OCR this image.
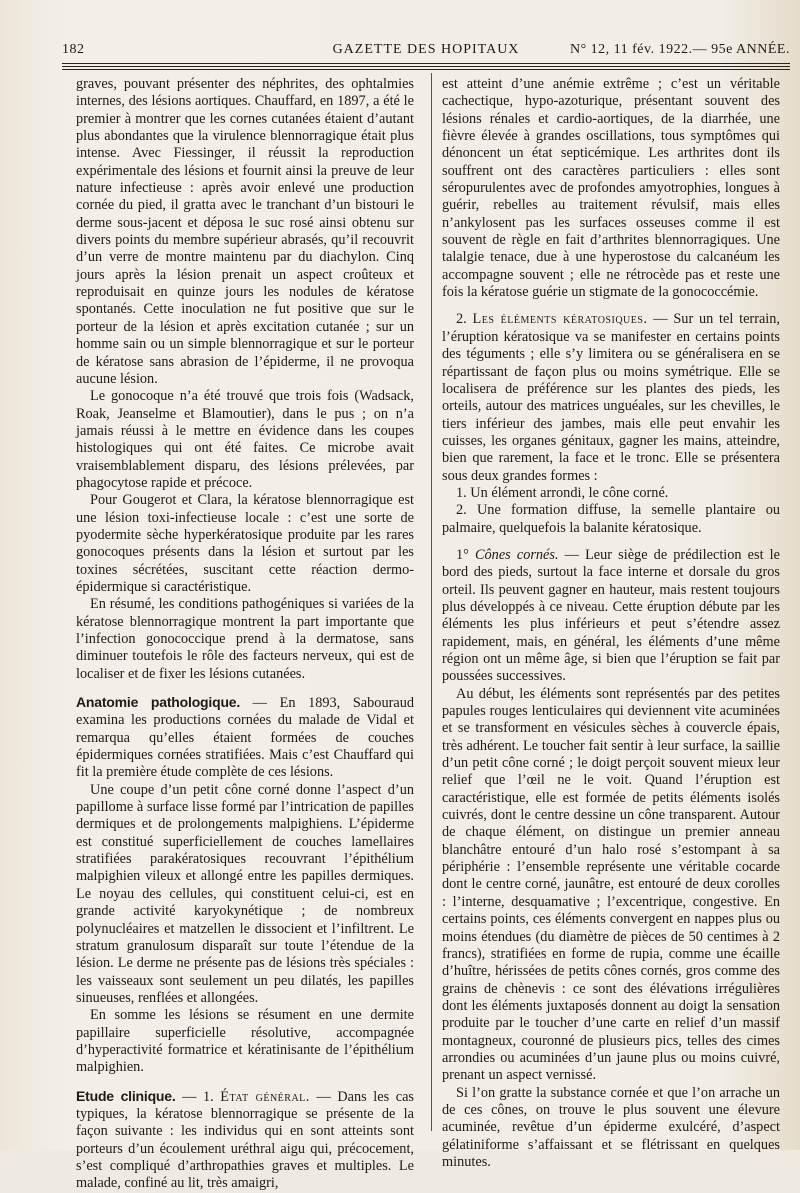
182	GAZETTE DES HOPITAUX	N° 12, 11 fév. 1922.— 95e ANNÉE.

graves, pouvant présenter des néphrites, des ophtalmies internes, des lésions aortiques. Chauffard, en 1897, a été le premier à montrer que les cornes cutanées étaient d’autant plus abondantes que la virulence blennorragique était plus intense. Avec Fiessinger, il réussit la reproduction expérimentale des lésions et fournit ainsi la preuve de leur nature infectieuse : après avoir enlevé une production cornée du pied, il gratta avec le tranchant d’un bistouri le derme sous-jacent et déposa le suc rosé ainsi obtenu sur divers points du membre supérieur abrasés, qu’il recouvrit d’un verre de montre maintenu par du diachylon. Cinq jours après la lésion prenait un aspect croûteux et reproduisait en quinze jours les nodules de kératose spontanés. Cette inoculation ne fut positive que sur le porteur de la lésion et après excitation cutanée ; sur un homme sain ou un simple blennorragique et sur le porteur de kératose sans abrasion de l’épiderme, il ne provoqua aucune lésion.

Le gonocoque n’a été trouvé que trois fois (Wadsack, Roak, Jeanselme et Blamoutier), dans le pus ; on n’a jamais réussi à le mettre en évidence dans les coupes histologiques qui ont été faites. Ce microbe avait vraisemblablement disparu, des lésions prélevées, par phagocytose rapide et précoce.

Pour Gougerot et Clara, la kératose blennorragique est une lésion toxi-infectieuse locale : c’est une sorte de pyodermite sèche hyperkératosique produite par les rares gonocoques présents dans la lésion et surtout par les toxines sécrétées, suscitant cette réaction dermo-épidermique si caractéristique.

En résumé, les conditions pathogéniques si variées de la kératose blennorragique montrent la part importante que l’infection gonococcique prend à la dermatose, sans diminuer toutefois le rôle des facteurs nerveux, qui est de localiser et de fixer les lésions cutanées.

Anatomie pathologique. — En 1893, Sabouraud examina les productions cornées du malade de Vidal et remarqua qu’elles étaient formées de couches épidermiques cornées stratifiées. Mais c’est Chauffard qui fit la première étude complète de ces lésions.

Une coupe d’un petit cône corné donne l’aspect d’un papillome à surface lisse formé par l’intrication de papilles dermiques et de prolongements malpighiens. L’épiderme est constitué superficiellement de couches lamellaires stratifiées parakératosiques recouvrant l’épithélium malpighien vileux et allongé entre les papilles dermiques. Le noyau des cellules, qui constituent celui-ci, est en grande activité karyokynétique ; de nombreux polynucléaires et matzellen le dissocient et l’infiltrent. Le stratum granulosum disparaît sur toute l’étendue de la lésion. Le derme ne présente pas de lésions très spéciales : les vaisseaux sont seulement un peu dilatés, les papilles sinueuses, renflées et allongées.

En somme les lésions se résument en une dermite papillaire superficielle résolutive, accompagnée d’hyperactivité formatrice et kératinisante de l’épithélium malpighien.

Etude clinique. — 1. État général. — Dans les cas typiques, la kératose blennorragique se présente de la façon suivante : les individus qui en sont atteints sont porteurs d’un écoulement uréthral aigu qui, précocement, s’est compliqué d’arthropathies graves et multiples. Le malade, confiné au lit, très amaigri,

est atteint d’une anémie extrême ; c’est un véritable cachectique, hypo-azoturique, présentant souvent des lésions rénales et cardio-aortiques, de la diarrhée, une fièvre élevée à grandes oscillations, tous symptômes qui dénoncent un état septicémique. Les arthrites dont ils souffrent ont des caractères particuliers : elles sont séropurulentes avec de profondes amyotrophies, longues à guérir, rebelles au traitement révulsif, mais elles n’ankylosent pas les surfaces osseuses comme il est souvent de règle en fait d’arthrites blennorragiques. Une talalgie tenace, due à une hyperostose du calcanéum les accompagne souvent ; elle ne rétrocède pas et reste une fois la kératose guérie un stigmate de la gonococcémie.

2. Les éléments kératosiques. — Sur un tel terrain, l’éruption kératosique va se manifester en certains points des téguments ; elle s’y limitera ou se généralisera en se répartissant de façon plus ou moins symétrique. Elle se localisera de préférence sur les plantes des pieds, les orteils, autour des matrices unguéales, sur les chevilles, le tiers inférieur des jambes, mais elle peut envahir les cuisses, les organes génitaux, gagner les mains, atteindre, bien que rarement, la face et le tronc. Elle se présentera sous deux grandes formes :

1. Un élément arrondi, le cône corné.

2. Une formation diffuse, la semelle plantaire ou palmaire, quelquefois la balanite kératosique.

1° Cônes cornés. — Leur siège de prédilection est le bord des pieds, surtout la face interne et dorsale du gros orteil. Ils peuvent gagner en hauteur, mais restent toujours plus développés à ce niveau. Cette éruption débute par les éléments les plus inférieurs et peut s’étendre assez rapidement, mais, en général, les éléments d’une même région ont un même âge, si bien que l’éruption se fait par poussées successives.

Au début, les éléments sont représentés par des petites papules rouges lenticulaires qui deviennent vite acuminées et se transforment en vésicules sèches à couvercle épais, très adhérent. Le toucher fait sentir à leur surface, la saillie d’un petit cône corné ; le doigt perçoit souvent mieux leur relief que l’œil ne le voit. Quand l’éruption est caractéristique, elle est formée de petits éléments isolés cuivrés, dont le centre dessine un cône transparent. Autour de chaque élément, on distingue un premier anneau blanchâtre entouré d’un halo rosé s’estompant à sa périphérie : l’ensemble représente une véritable cocarde dont le centre corné, jaunâtre, est entouré de deux corolles : l’interne, desquamative ; l’excentrique, congestive. En certains points, ces éléments convergent en nappes plus ou moins étendues (du diamètre de pièces de 50 centimes à 2 francs), stratifiées en forme de rupia, comme une écaille d’huître, hérissées de petits cônes cornés, gros comme des grains de chènevis : ce sont des élévations irrégulières dont les éléments juxtaposés donnent au doigt la sensation produite par le toucher d’une carte en relief d’un massif montagneux, couronné de plusieurs pics, telles des cimes arrondies ou acuminées d’un jaune plus ou moins cuivré, prenant un aspect vernissé.

Si l’on gratte la substance cornée et que l’on arrache un de ces cônes, on trouve le plus souvent une élevure acuminée, revêtue d’un épiderme exulcéré, d’aspect gélatiniforme s’affaissant et se flétrissant en quelques minutes.
